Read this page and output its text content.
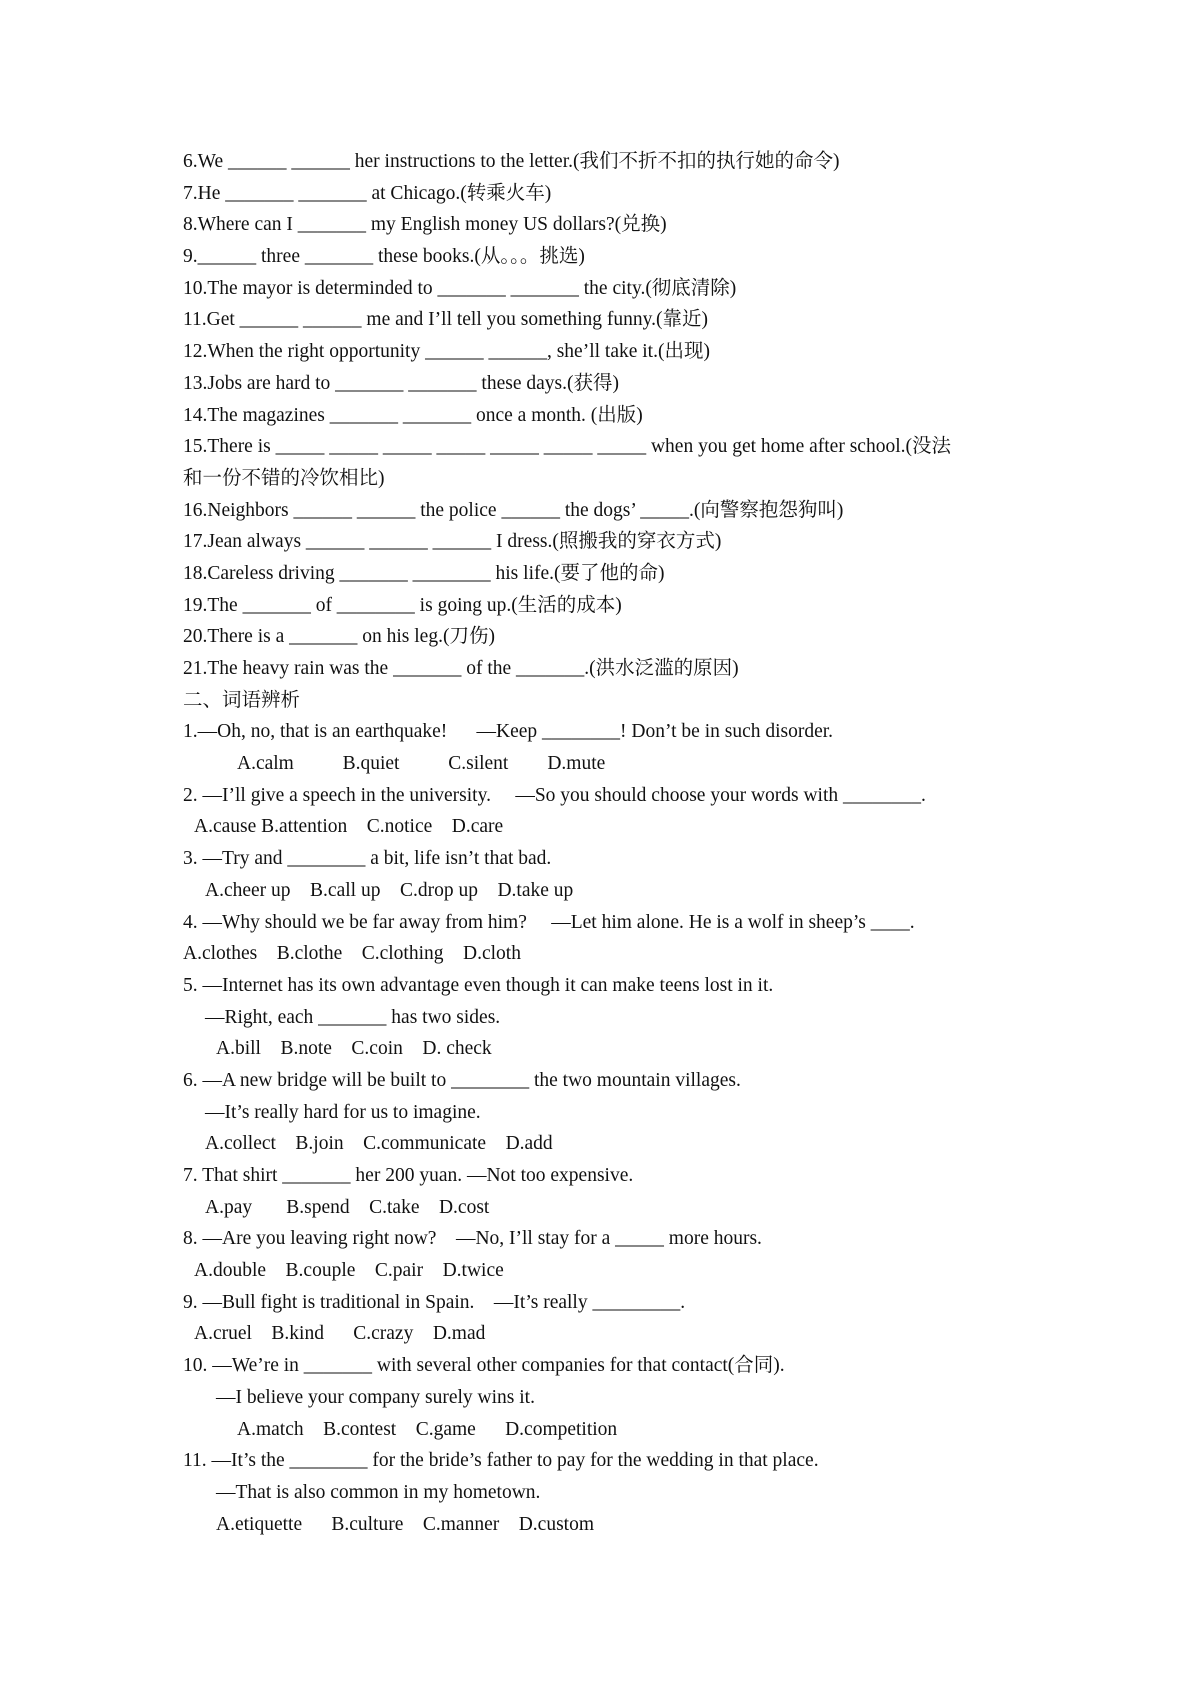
6.We ______ ______ her instructions to the letter.(我们不折不扣的执行她的命令)
7.He _______ _______ at Chicago.(转乘火车)
8.Where can I _______ my English money US dollars?(兑换)
9.______ three _______ these books.(从。。。挑选)
10.The mayor is determinded to _______ _______ the city.(彻底清除)
11.Get ______ ______ me and I’ll tell you something funny.(靠近)
12.When the right opportunity ______ ______, she’ll take it.(出现)
13.Jobs are hard to _______ _______ these days.(获得)
14.The magazines _______ _______ once a month. (出版)
15.There is _____ _____ _____ _____ _____ _____ _____ when you get home after school.(没法
和一份不错的冷饮相比)
16.Neighbors ______ ______ the police ______ the dogs’ _____.(向警察抱怨狗叫)
17.Jean always ______ ______ ______ I dress.(照搬我的穿衣方式)
18.Careless driving _______ ________ his life.(要了他的命)
19.The _______ of ________ is going up.(生活的成本)
20.There is a _______ on his leg.(刀伤)
21.The heavy rain was the _______ of the _______.(洪水泛滥的原因)
二、词语辨析
1.—Oh, no, that is an earthquake!      —Keep ________! Don’t be in such disorder.
A.calm          B.quiet          C.silent        D.mute
2. —I’ll give a speech in the university.     —So you should choose your words with ________.
A.cause B.attention    C.notice    D.care
3. —Try and ________ a bit, life isn’t that bad.
A.cheer up    B.call up    C.drop up    D.take up
4. —Why should we be far away from him?     —Let him alone. He is a wolf in sheep’s ____.
A.clothes    B.clothe    C.clothing    D.cloth
5. —Internet has its own advantage even though it can make teens lost in it.
—Right, each _______ has two sides.
A.bill    B.note    C.coin    D. check
6. —A new bridge will be built to ________ the two mountain villages.
—It’s really hard for us to imagine.
A.collect    B.join    C.communicate    D.add
7. That shirt _______ her 200 yuan. —Not too expensive.
A.pay       B.spend    C.take    D.cost
8. —Are you leaving right now?    —No, I’ll stay for a _____ more hours.
A.double    B.couple    C.pair    D.twice
9. —Bull fight is traditional in Spain.    —It’s really _________.
A.cruel    B.kind      C.crazy    D.mad
10. —We’re in _______ with several other companies for that contact(合同).
—I believe your company surely wins it.
A.match    B.contest    C.game      D.competition
11. —It’s the ________ for the bride’s father to pay for the wedding in that place.
—That is also common in my hometown.
A.etiquette      B.culture    C.manner    D.custom
